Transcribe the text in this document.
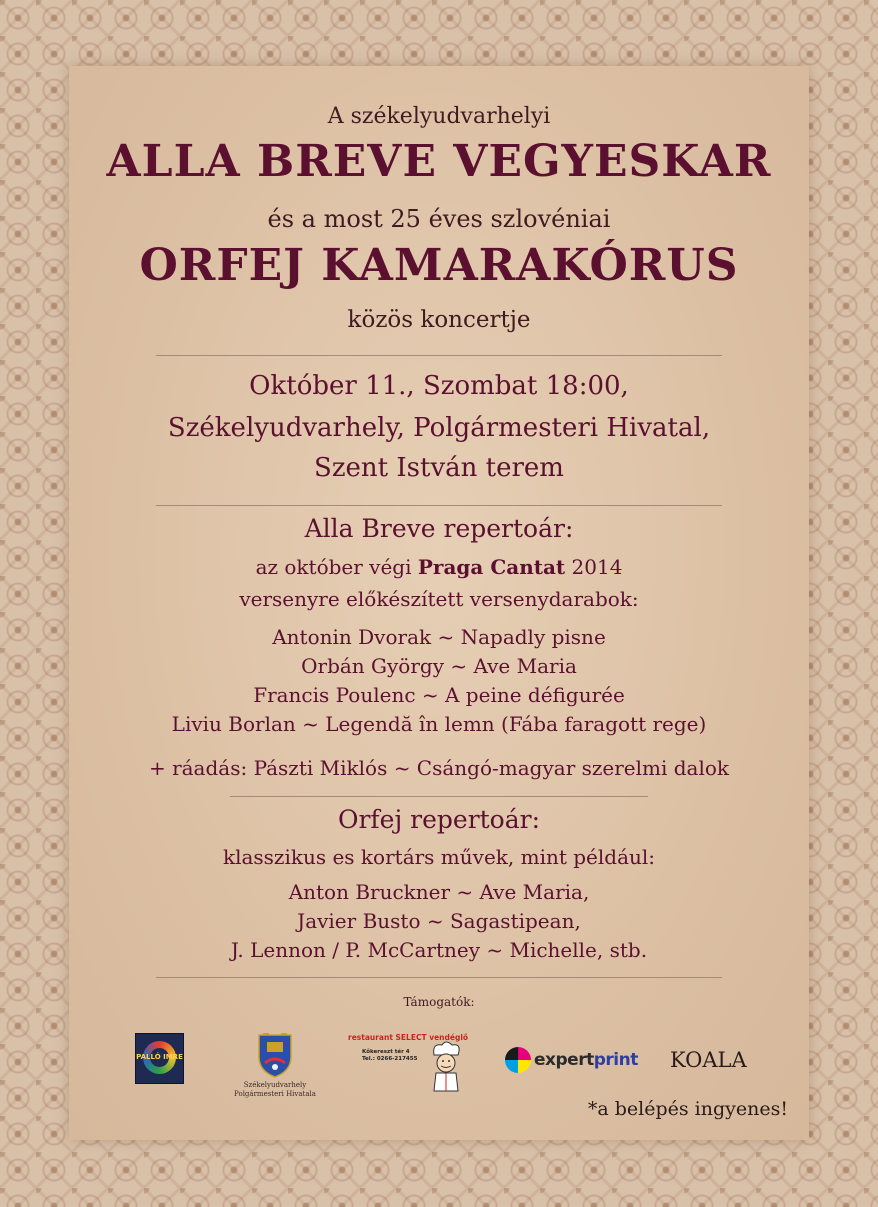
A székelyudvarhelyi
ALLA BREVE VEGYESKAR
és a most 25 éves szlovéniai
ORFEJ KAMARAKÓRUS
közös koncertje
Október 11., Szombat 18:00,
Székelyudvarhely, Polgármesteri Hivatal,
Szent István terem
Alla Breve repertoár:
az október végi Praga Cantat 2014
versenyre előkészített versenydarabok:
Antonin Dvorak ~ Napadly pisne
Orbán György ~ Ave Maria
Francis Poulenc ~ A peine défigurée
Liviu Borlan ~ Legendă în lemn (Fába faragott rege)
+ ráadás: Pászti Miklós ~ Csángó-magyar szerelmi dalok
Orfej repertoár:
klasszikus es kortárs művek, mint például:
Anton Bruckner ~ Ave Maria,
Javier Busto ~ Sagastipean,
J. Lennon / P. McCartney ~ Michelle, stb.
Támogatók:
PALLÓ IMRE
Székelyudvarhely
Polgármesteri Hivatala
restaurant SELECT vendéglő
Kőkereszt tér 4
Tel.: 0266-217455	expertprint KOALA
*a belépés ingyenes!
